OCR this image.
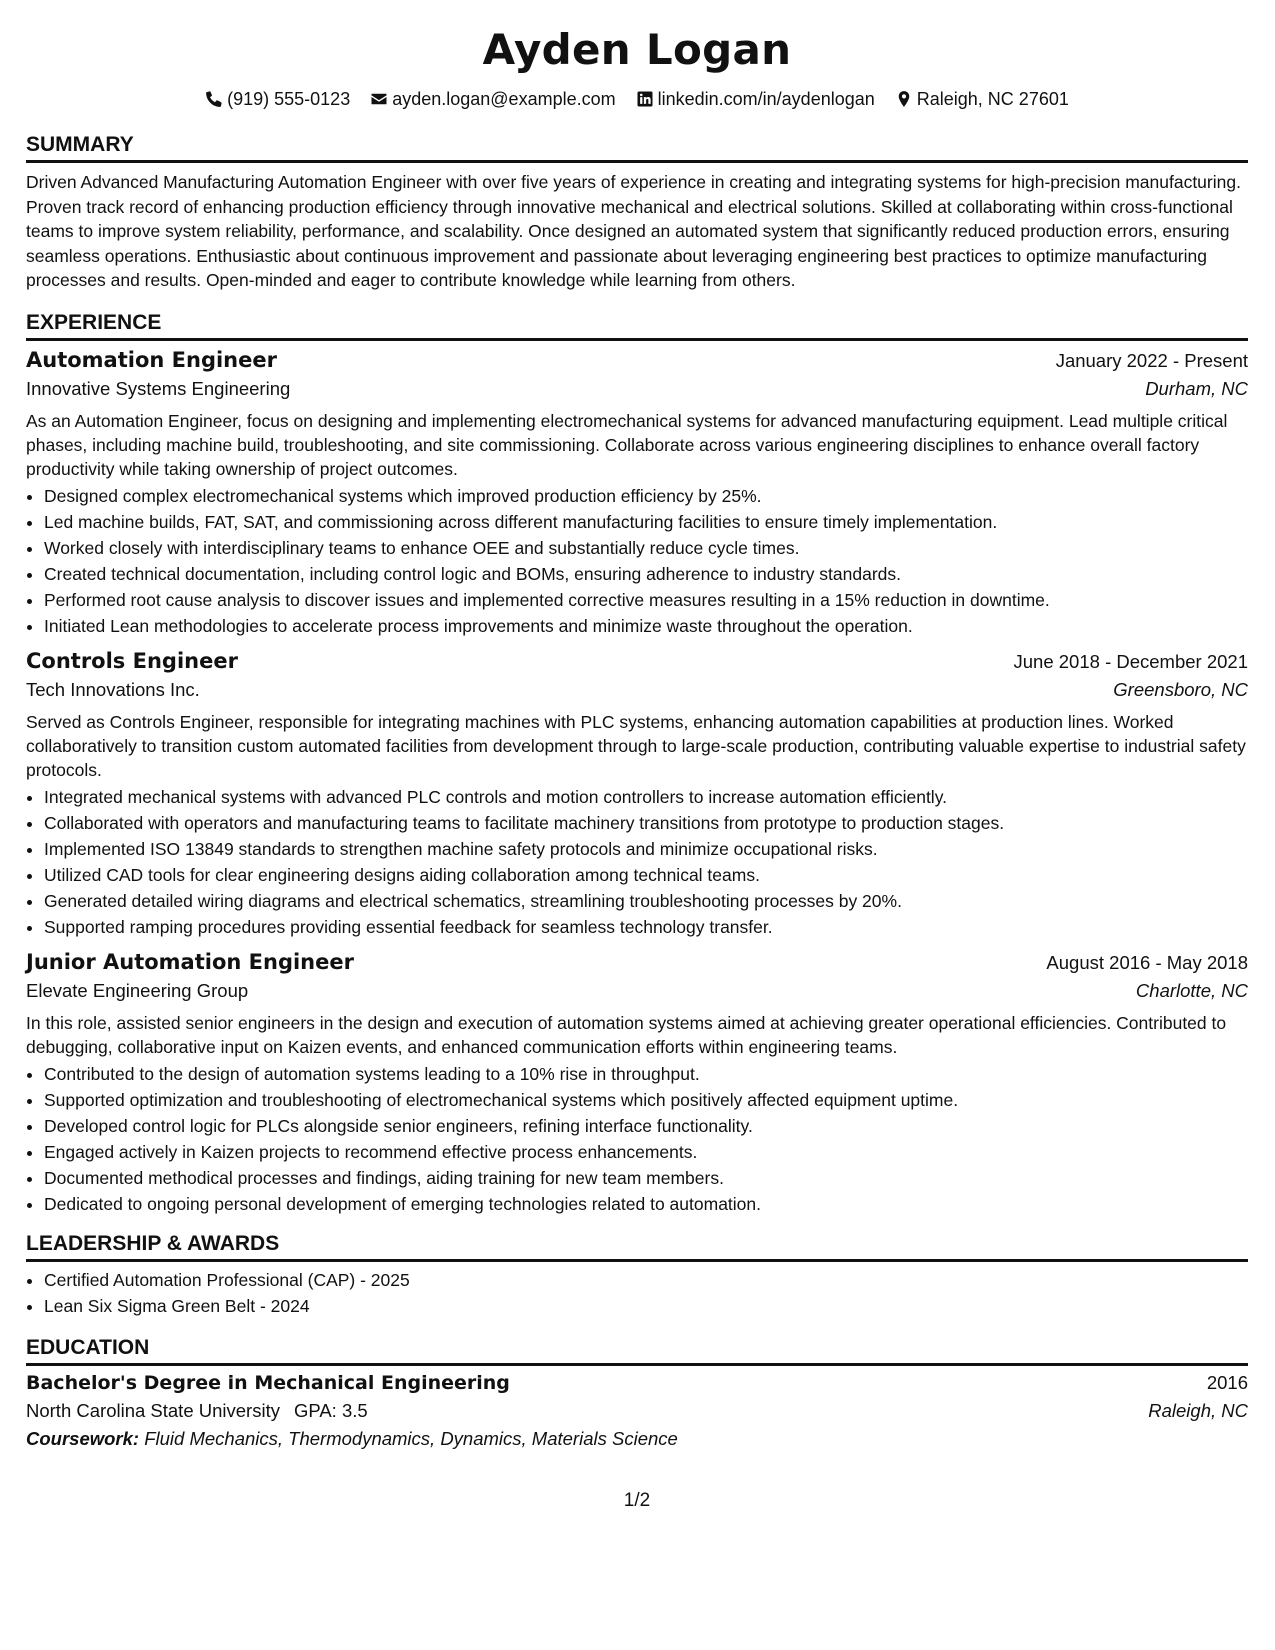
Ayden Logan
(919) 555-0123 ayden.logan@example.com linkedin.com/in/aydenlogan Raleigh, NC 27601
SUMMARY
Driven Advanced Manufacturing Automation Engineer with over five years of experience in creating and integrating systems for high-precision manufacturing. Proven track record of enhancing production efficiency through innovative mechanical and electrical solutions. Skilled at collaborating within cross-functional teams to improve system reliability, performance, and scalability. Once designed an automated system that significantly reduced production errors, ensuring seamless operations. Enthusiastic about continuous improvement and passionate about leveraging engineering best practices to optimize manufacturing processes and results. Open-minded and eager to contribute knowledge while learning from others.
EXPERIENCE
Automation Engineer	January 2022 - Present
Innovative Systems Engineering	Durham, NC
As an Automation Engineer, focus on designing and implementing electromechanical systems for advanced manufacturing equipment. Lead multiple critical phases, including machine build, troubleshooting, and site commissioning. Collaborate across various engineering disciplines to enhance overall factory productivity while taking ownership of project outcomes.
• Designed complex electromechanical systems which improved production efficiency by 25%.
• Led machine builds, FAT, SAT, and commissioning across different manufacturing facilities to ensure timely implementation.
• Worked closely with interdisciplinary teams to enhance OEE and substantially reduce cycle times.
• Created technical documentation, including control logic and BOMs, ensuring adherence to industry standards.
• Performed root cause analysis to discover issues and implemented corrective measures resulting in a 15% reduction in downtime.
• Initiated Lean methodologies to accelerate process improvements and minimize waste throughout the operation.
Controls Engineer	June 2018 - December 2021
Tech Innovations Inc.	Greensboro, NC
Served as Controls Engineer, responsible for integrating machines with PLC systems, enhancing automation capabilities at production lines. Worked collaboratively to transition custom automated facilities from development through to large-scale production, contributing valuable expertise to industrial safety protocols.
• Integrated mechanical systems with advanced PLC controls and motion controllers to increase automation efficiently.
• Collaborated with operators and manufacturing teams to facilitate machinery transitions from prototype to production stages.
• Implemented ISO 13849 standards to strengthen machine safety protocols and minimize occupational risks.
• Utilized CAD tools for clear engineering designs aiding collaboration among technical teams.
• Generated detailed wiring diagrams and electrical schematics, streamlining troubleshooting processes by 20%.
• Supported ramping procedures providing essential feedback for seamless technology transfer.
Junior Automation Engineer	August 2016 - May 2018
Elevate Engineering Group	Charlotte, NC
In this role, assisted senior engineers in the design and execution of automation systems aimed at achieving greater operational efficiencies. Contributed to debugging, collaborative input on Kaizen events, and enhanced communication efforts within engineering teams.
• Contributed to the design of automation systems leading to a 10% rise in throughput.
• Supported optimization and troubleshooting of electromechanical systems which positively affected equipment uptime.
• Developed control logic for PLCs alongside senior engineers, refining interface functionality.
• Engaged actively in Kaizen projects to recommend effective process enhancements.
• Documented methodical processes and findings, aiding training for new team members.
• Dedicated to ongoing personal development of emerging technologies related to automation.
LEADERSHIP & AWARDS
• Certified Automation Professional (CAP) - 2025
• Lean Six Sigma Green Belt - 2024
EDUCATION
Bachelor's Degree in Mechanical Engineering	2016
North Carolina State University GPA: 3.5	Raleigh, NC
Coursework: Fluid Mechanics, Thermodynamics, Dynamics, Materials Science
1/2
